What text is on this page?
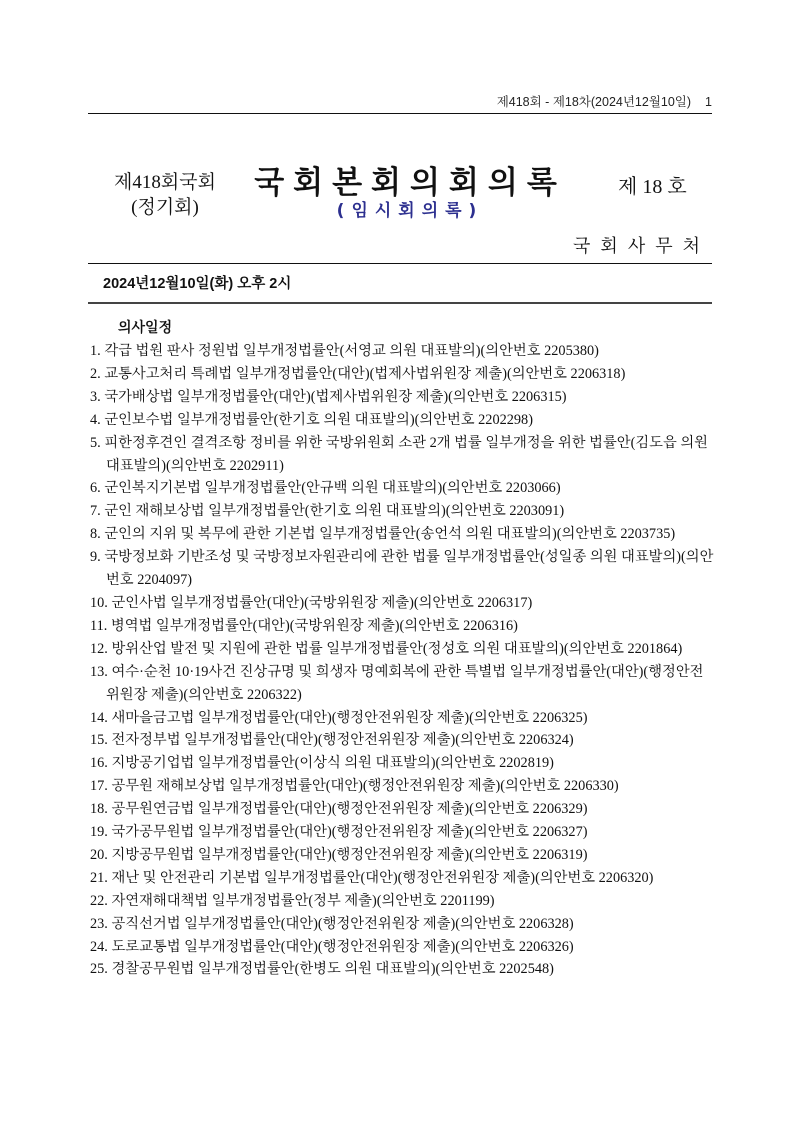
제418회 - 제18차(2024년12월10일) 1
제418회국회
(정기회)
국회본회의회의록
(임시회의록)
제 18 호
국회사무처
2024년12월10일(화) 오후 2시
의사일정
1. 각급 법원 판사 정원법 일부개정법률안(서영교 의원 대표발의)(의안번호 2205380)
2. 교통사고처리 특례법 일부개정법률안(대안)(법제사법위원장 제출)(의안번호 2206318)
3. 국가배상법 일부개정법률안(대안)(법제사법위원장 제출)(의안번호 2206315)
4. 군인보수법 일부개정법률안(한기호 의원 대표발의)(의안번호 2202298)
5. 피한정후견인 결격조항 정비를 위한 국방위원회 소관 2개 법률 일부개정을 위한 법률안(김도읍 의원 대표발의)(의안번호 2202911)
6. 군인복지기본법 일부개정법률안(안규백 의원 대표발의)(의안번호 2203066)
7. 군인 재해보상법 일부개정법률안(한기호 의원 대표발의)(의안번호 2203091)
8. 군인의 지위 및 복무에 관한 기본법 일부개정법률안(송언석 의원 대표발의)(의안번호 2203735)
9. 국방정보화 기반조성 및 국방정보자원관리에 관한 법률 일부개정법률안(성일종 의원 대표발의)(의안번호 2204097)
10. 군인사법 일부개정법률안(대안)(국방위원장 제출)(의안번호 2206317)
11. 병역법 일부개정법률안(대안)(국방위원장 제출)(의안번호 2206316)
12. 방위산업 발전 및 지원에 관한 법률 일부개정법률안(정성호 의원 대표발의)(의안번호 2201864)
13. 여수·순천 10·19사건 진상규명 및 희생자 명예회복에 관한 특별법 일부개정법률안(대안)(행정안전위원장 제출)(의안번호 2206322)
14. 새마을금고법 일부개정법률안(대안)(행정안전위원장 제출)(의안번호 2206325)
15. 전자정부법 일부개정법률안(대안)(행정안전위원장 제출)(의안번호 2206324)
16. 지방공기업법 일부개정법률안(이상식 의원 대표발의)(의안번호 2202819)
17. 공무원 재해보상법 일부개정법률안(대안)(행정안전위원장 제출)(의안번호 2206330)
18. 공무원연금법 일부개정법률안(대안)(행정안전위원장 제출)(의안번호 2206329)
19. 국가공무원법 일부개정법률안(대안)(행정안전위원장 제출)(의안번호 2206327)
20. 지방공무원법 일부개정법률안(대안)(행정안전위원장 제출)(의안번호 2206319)
21. 재난 및 안전관리 기본법 일부개정법률안(대안)(행정안전위원장 제출)(의안번호 2206320)
22. 자연재해대책법 일부개정법률안(정부 제출)(의안번호 2201199)
23. 공직선거법 일부개정법률안(대안)(행정안전위원장 제출)(의안번호 2206328)
24. 도로교통법 일부개정법률안(대안)(행정안전위원장 제출)(의안번호 2206326)
25. 경찰공무원법 일부개정법률안(한병도 의원 대표발의)(의안번호 2202548)
